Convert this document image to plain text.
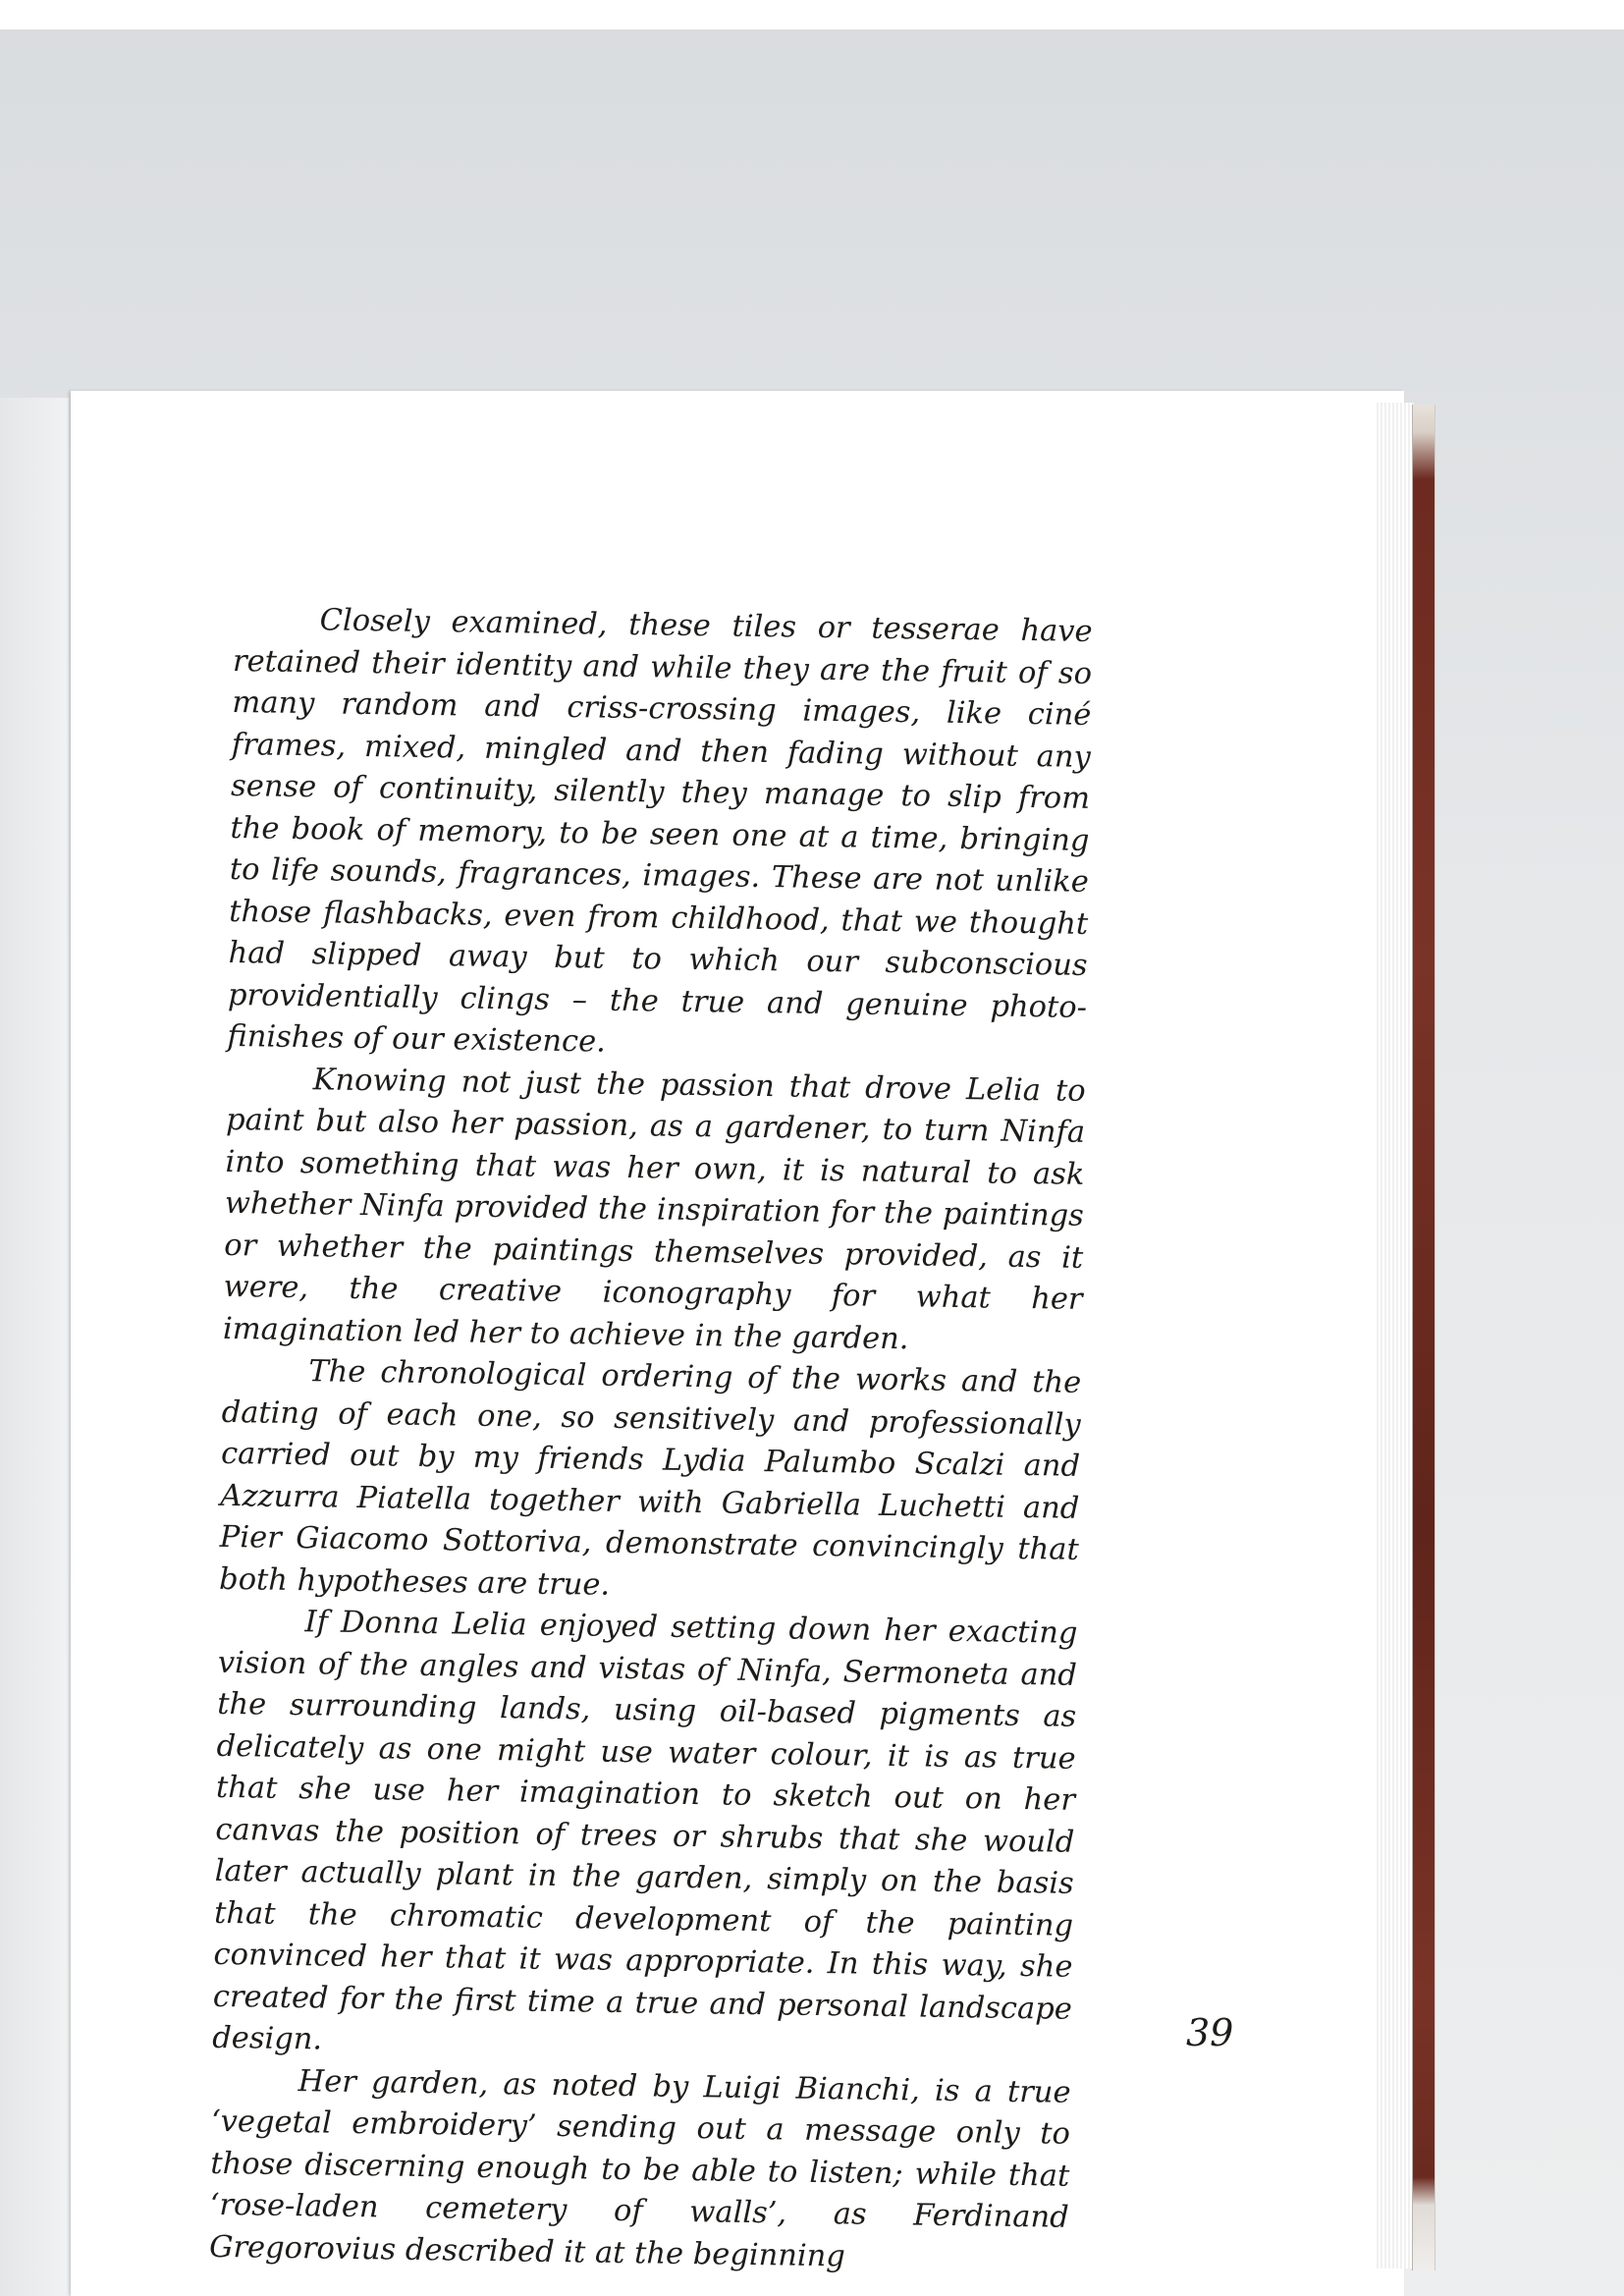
Closely examined, these tiles or tesserae have retained their identity and while they are the fruit of so many random and criss-crossing images, like ciné frames, mixed, mingled and then fading without any sense of continuity, silently they manage to slip from the book of memory, to be seen one at a time, bringing to life sounds, fragrances, images. These are not unlike those flashbacks, even from childhood, that we thought had slipped away but to which our subconscious providentially clings – the true and genuine photo-finishes of our existence.

Knowing not just the passion that drove Lelia to paint but also her passion, as a gardener, to turn Ninfa into something that was her own, it is natural to ask whether Ninfa provided the inspiration for the paintings or whether the paintings themselves provided, as it were, the creative iconography for what her imagination led her to achieve in the garden.

The chronological ordering of the works and the dating of each one, so sensitively and professionally carried out by my friends Lydia Palumbo Scalzi and Azzurra Piatella together with Gabriella Luchetti and Pier Giacomo Sottoriva, demonstrate convincingly that both hypotheses are true.

If Donna Lelia enjoyed setting down her exacting vision of the angles and vistas of Ninfa, Sermoneta and the surrounding lands, using oil-based pigments as delicately as one might use water colour, it is as true that she use her imagination to sketch out on her canvas the position of trees or shrubs that she would later actually plant in the garden, simply on the basis that the chromatic development of the painting convinced her that it was appropriate. In this way, she created for the first time a true and personal landscape design.

Her garden, as noted by Luigi Bianchi, is a true ‘vegetal embroidery’ sending out a message only to those discerning enough to be able to listen; while that ‘rose-laden cemetery of walls’, as Ferdinand Gregorovius described it at the beginning

39
